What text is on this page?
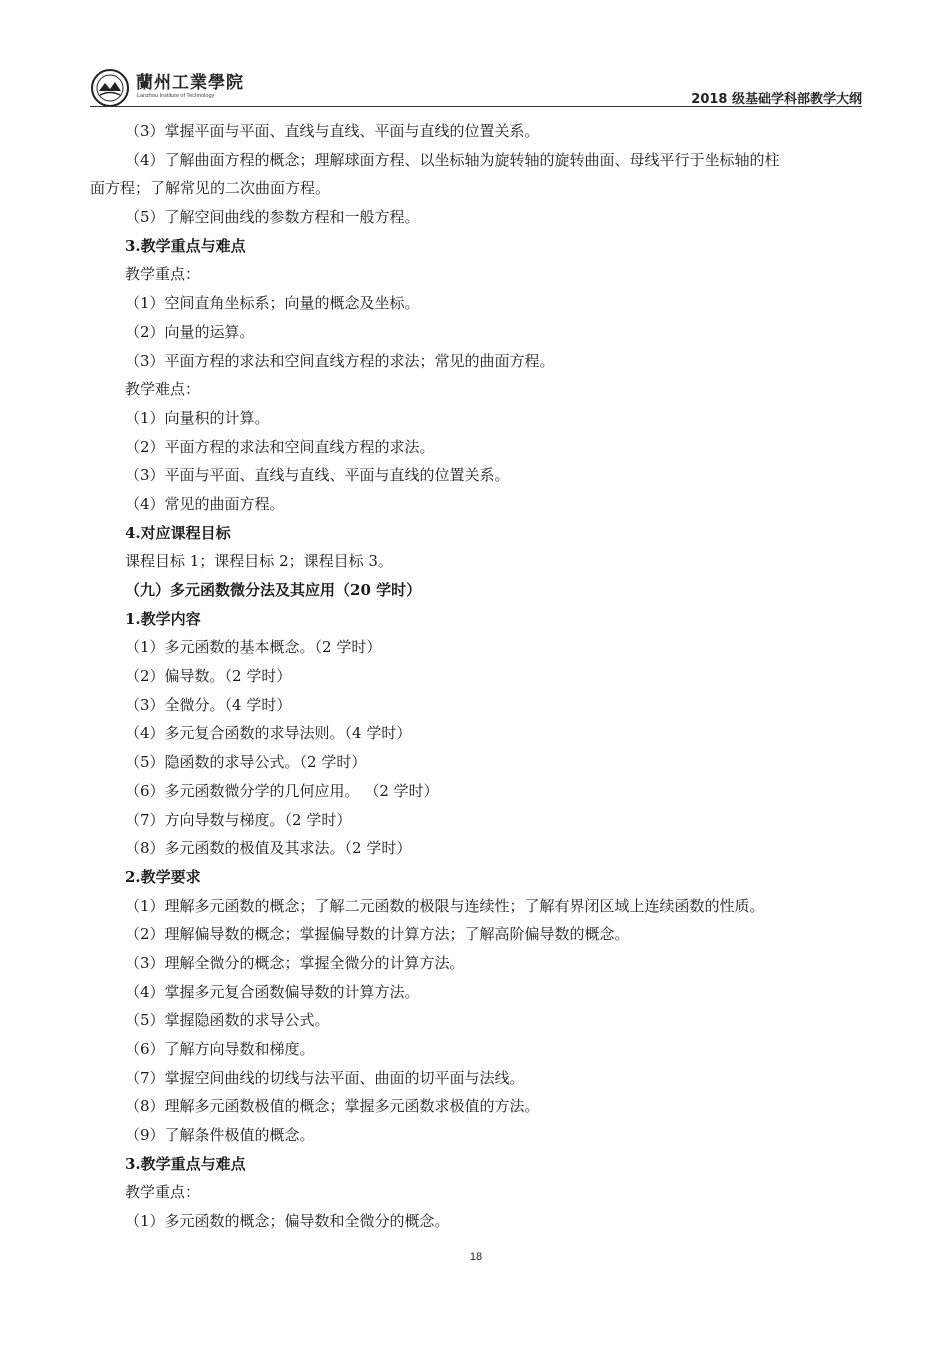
蘭州工業學院
Lanzhou Institute of Technology	2018 级基础学科部教学大纲
（3）掌握平面与平面、直线与直线、平面与直线的位置关系。
（4）了解曲面方程的概念；理解球面方程、以坐标轴为旋转轴的旋转曲面、母线平行于坐标轴的柱
面方程；了解常见的二次曲面方程。
（5）了解空间曲线的参数方程和一般方程。
3.教学重点与难点
教学重点：
（1）空间直角坐标系；向量的概念及坐标。
（2）向量的运算。
（3）平面方程的求法和空间直线方程的求法；常见的曲面方程。
教学难点：
（1）向量积的计算。
（2）平面方程的求法和空间直线方程的求法。
（3）平面与平面、直线与直线、平面与直线的位置关系。
（4）常见的曲面方程。
4.对应课程目标
课程目标 1；课程目标 2；课程目标 3。
（九）多元函数微分法及其应用（20 学时）
1.教学内容
（1）多元函数的基本概念。（2 学时）
（2）偏导数。（2 学时）
（3）全微分。（4 学时）
（4）多元复合函数的求导法则。（4 学时）
（5）隐函数的求导公式。（2 学时）
（6）多元函数微分学的几何应用。 （2 学时）
（7）方向导数与梯度。（2 学时）
（8）多元函数的极值及其求法。（2 学时）
2.教学要求
（1）理解多元函数的概念；了解二元函数的极限与连续性；了解有界闭区域上连续函数的性质。
（2）理解偏导数的概念；掌握偏导数的计算方法；了解高阶偏导数的概念。
（3）理解全微分的概念；掌握全微分的计算方法。
（4）掌握多元复合函数偏导数的计算方法。
（5）掌握隐函数的求导公式。
（6）了解方向导数和梯度。
（7）掌握空间曲线的切线与法平面、曲面的切平面与法线。
（8）理解多元函数极值的概念；掌握多元函数求极值的方法。
（9）了解条件极值的概念。
3.教学重点与难点
教学重点：
（1）多元函数的概念；偏导数和全微分的概念。
18
